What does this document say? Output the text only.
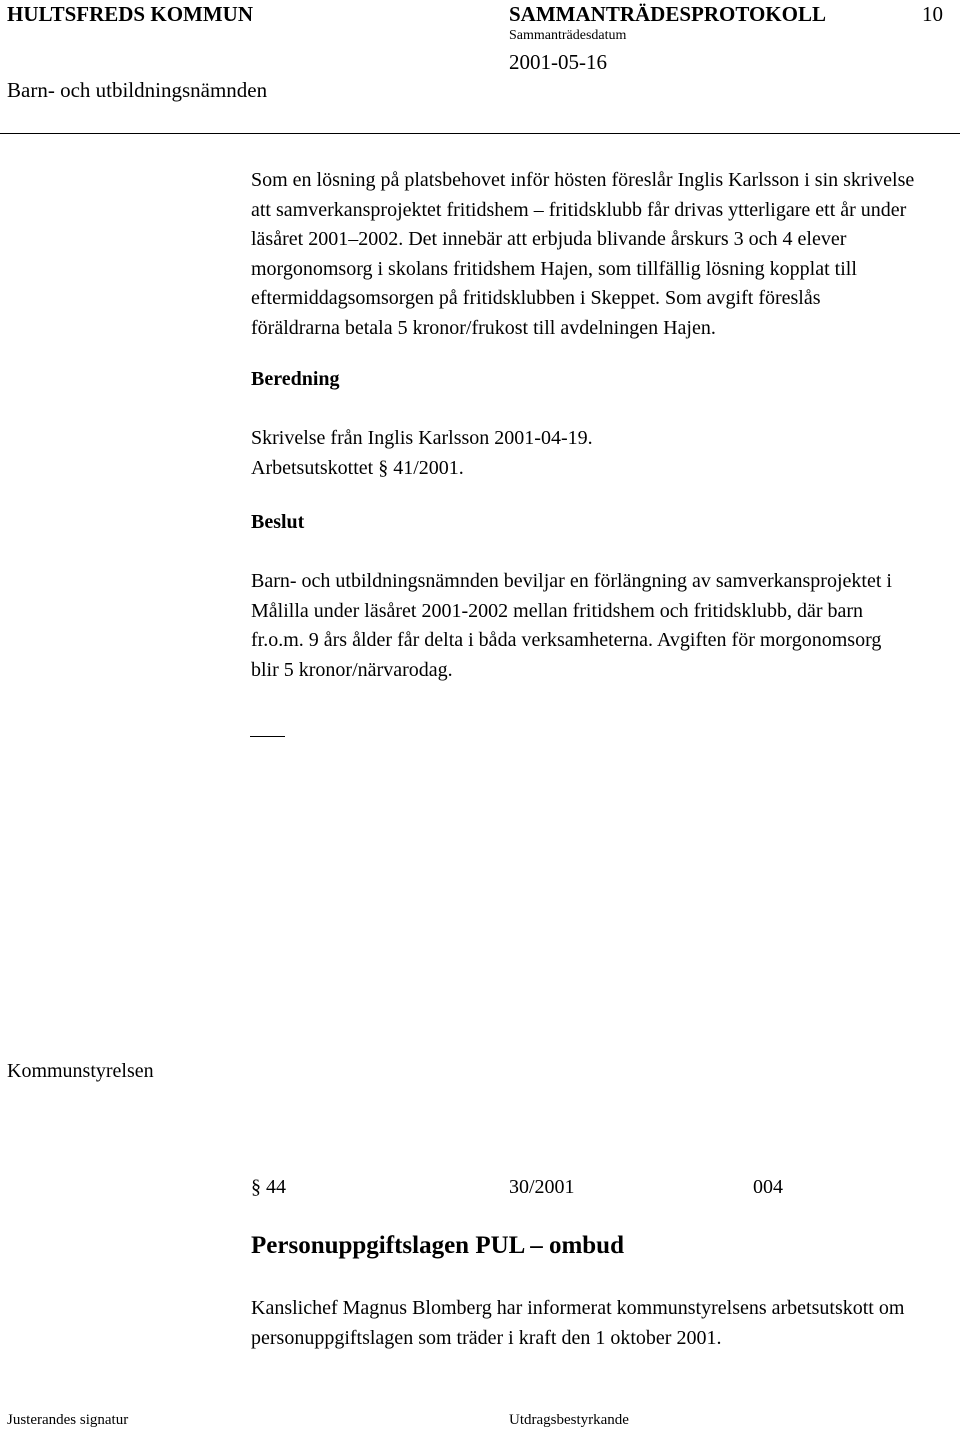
HULTSFREDS KOMMUN	SAMMANTRÄDESPROTOKOLL	10
Sammanträdesdatum
2001-05-16
Barn- och utbildningsnämnden
Som en lösning på platsbehovet inför hösten föreslår Inglis Karlsson i sin skrivelse
att samverkansprojektet fritidshem – fritidsklubb får drivas ytterligare ett år under
läsåret 2001–2002. Det innebär att erbjuda blivande årskurs 3 och 4 elever
morgonomsorg i skolans fritidshem Hajen, som tillfällig lösning kopplat till
eftermiddagsomsorgen på fritidsklubben i Skeppet. Som avgift föreslås
föräldrarna betala 5 kronor/frukost till avdelningen Hajen.
Beredning
Skrivelse från Inglis Karlsson 2001-04-19.
Arbetsutskottet § 41/2001.
Beslut
Barn- och utbildningsnämnden beviljar en förlängning av samverkansprojektet i
Målilla under läsåret 2001-2002 mellan fritidshem och fritidsklubb, där barn
fr.o.m. 9 års ålder får delta i båda verksamheterna. Avgiften för morgonomsorg
blir 5 kronor/närvarodag.
Kommunstyrelsen
§ 44	30/2001	004
Personuppgiftslagen PUL – ombud
Kanslichef Magnus Blomberg har informerat kommunstyrelsens arbetsutskott om
personuppgiftslagen som träder i kraft den 1 oktober 2001.
Justerandes signatur	Utdragsbestyrkande
